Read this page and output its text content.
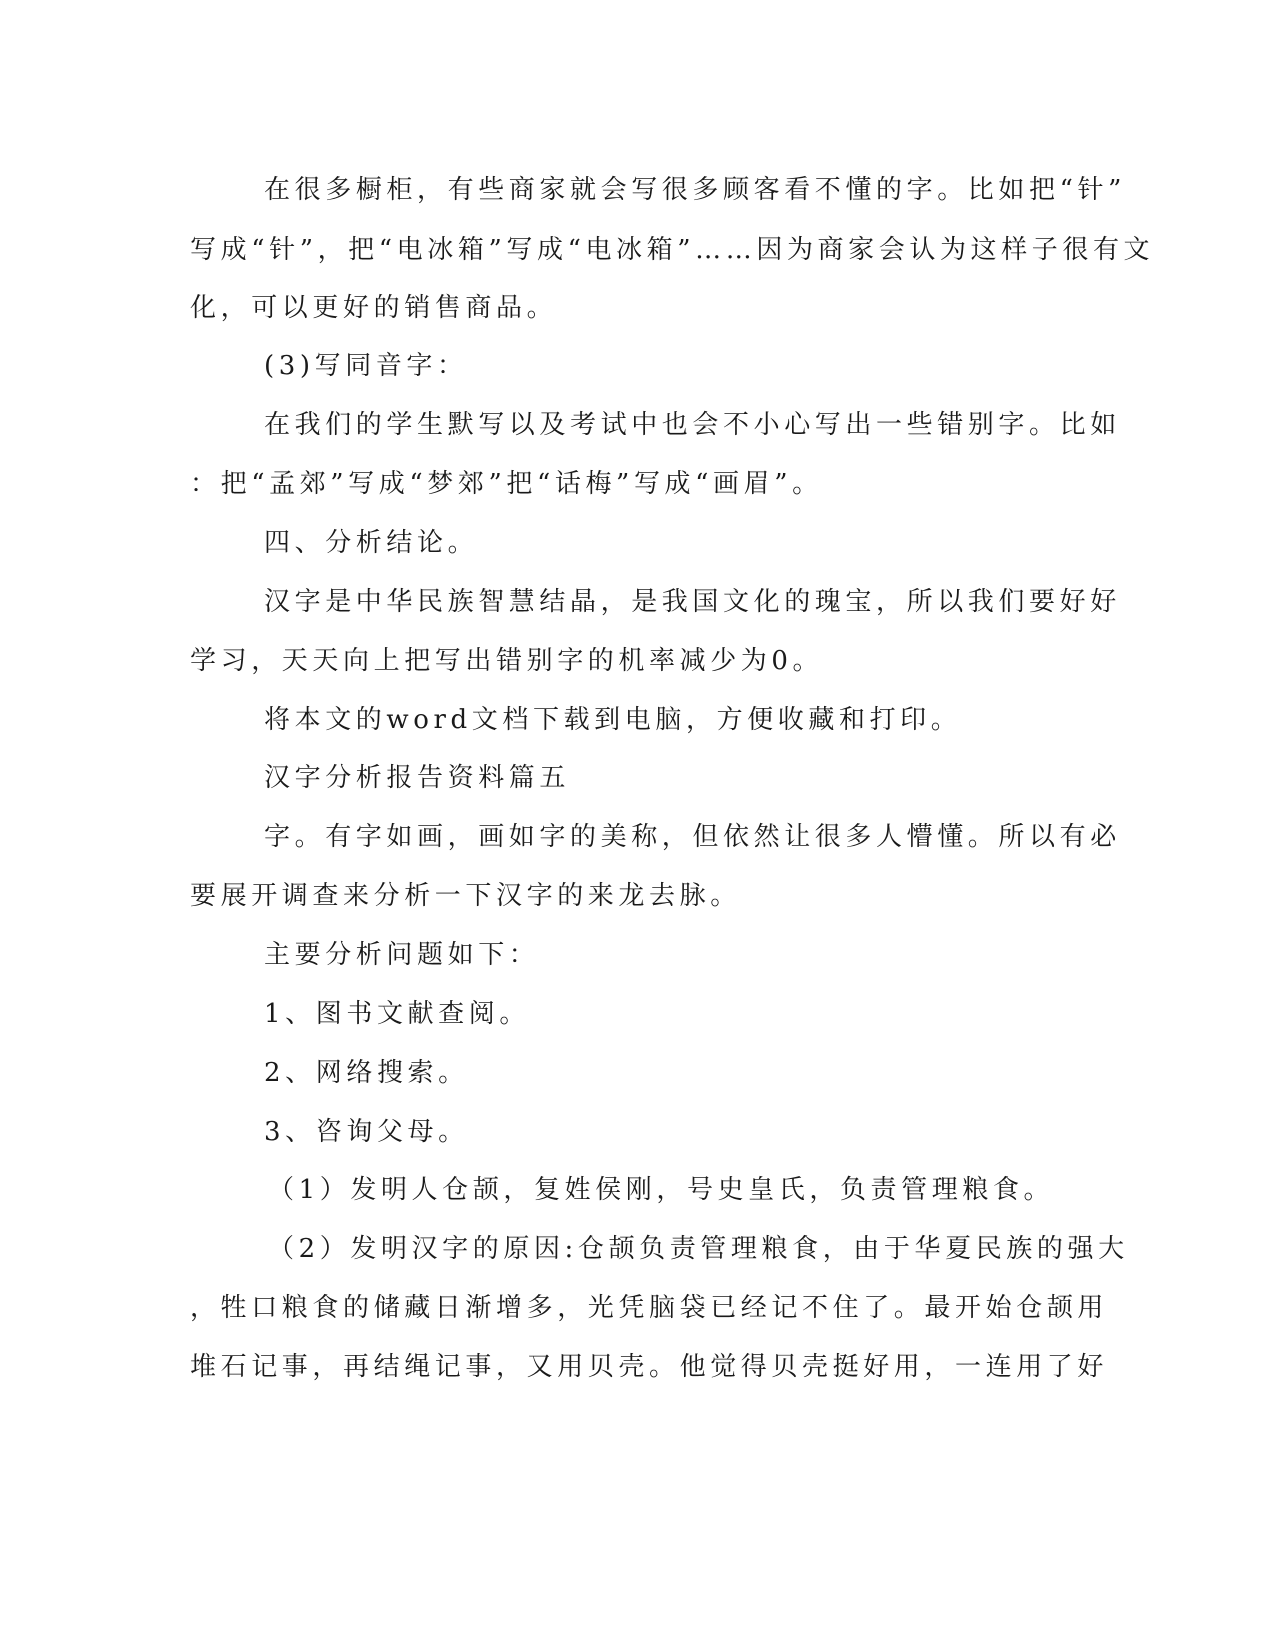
在很多橱柜，有些商家就会写很多顾客看不懂的字。比如把“针”

写成“针”，把“电冰箱”写成“电冰箱”……因为商家会认为这样子很有文

化，可以更好的销售商品。

(3)写同音字：

在我们的学生默写以及考试中也会不小心写出一些错别字。比如

：把“孟郊”写成“梦郊”把“话梅”写成“画眉”。

四、分析结论。

汉字是中华民族智慧结晶，是我国文化的瑰宝，所以我们要好好

学习，天天向上把写出错别字的机率减少为0。

将本文的word文档下载到电脑，方便收藏和打印。

汉字分析报告资料篇五

字。有字如画，画如字的美称，但依然让很多人懵懂。所以有必

要展开调查来分析一下汉字的来龙去脉。

主要分析问题如下：

1、图书文献查阅。

2、网络搜索。

3、咨询父母。

（1）发明人仓颉，复姓侯刚，号史皇氏，负责管理粮食。

（2）发明汉字的原因:仓颉负责管理粮食，由于华夏民族的强大

，牲口粮食的储藏日渐增多，光凭脑袋已经记不住了。最开始仓颉用

堆石记事，再结绳记事，又用贝壳。他觉得贝壳挺好用，一连用了好
